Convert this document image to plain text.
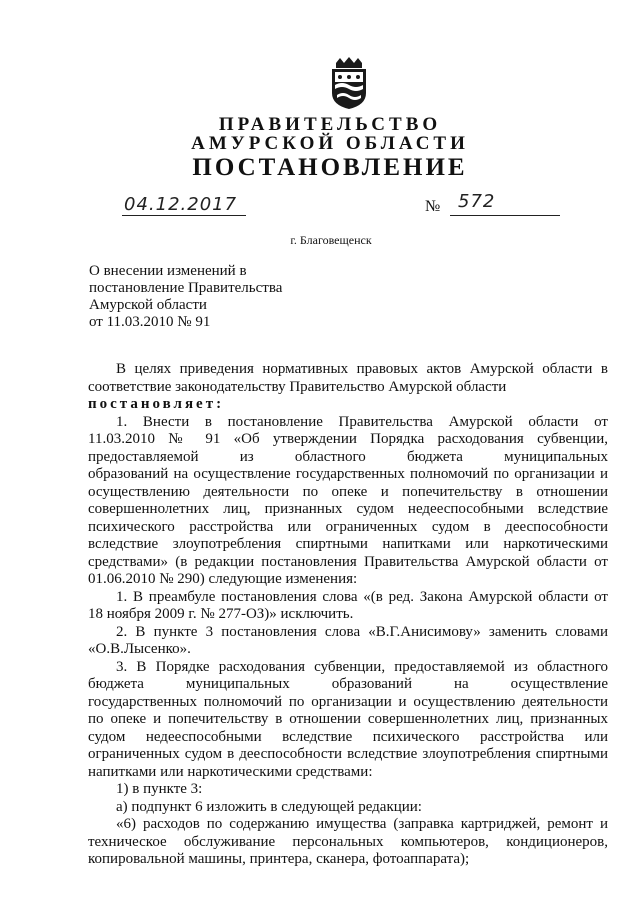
ПРАВИТЕЛЬСТВО
АМУРСКОЙ ОБЛАСТИ
ПОСТАНОВЛЕНИЕ
04.12.2017	№ 572
г. Благовещенск
О внесении изменений в
постановление Правительства
Амурской области
от 11.03.2010 № 91
В целях приведения нормативных правовых актов Амурской области в
соответствие законодательству Правительство Амурской области
постановляет:
1. Внести в постановление Правительства Амурской области от
11.03.2010 № 91 «Об утверждении Порядка расходования субвенции,
предоставляемой из областного бюджета муниципальных
образований на осуществление государственных полномочий по организации и
осуществлению деятельности по опеке и попечительству в отношении
совершеннолетних лиц, признанных судом недееспособными вследствие
психического расстройства или ограниченных судом в дееспособности
вследствие злоупотребления спиртными напитками или наркотическими
средствами» (в редакции постановления Правительства Амурской области от
01.06.2010 № 290) следующие изменения:
1. В преамбуле постановления слова «(в ред. Закона Амурской области от
18 ноября 2009 г. № 277-ОЗ)» исключить.
2. В пункте 3 постановления слова «В.Г.Анисимову» заменить словами
«О.В.Лысенко».
3. В Порядке расходования субвенции, предоставляемой из областного
бюджета муниципальных образований на осуществление
государственных полномочий по организации и осуществлению деятельности
по опеке и попечительству в отношении совершеннолетних лиц, признанных
судом недееспособными вследствие психического расстройства или
ограниченных судом в дееспособности вследствие злоупотребления спиртными
напитками или наркотическими средствами:
1) в пункте 3:
а) подпункт 6 изложить в следующей редакции:
«6) расходов по содержанию имущества (заправка картриджей, ремонт и
техническое обслуживание персональных компьютеров, кондиционеров,
копировальной машины, принтера, сканера, фотоаппарата);
